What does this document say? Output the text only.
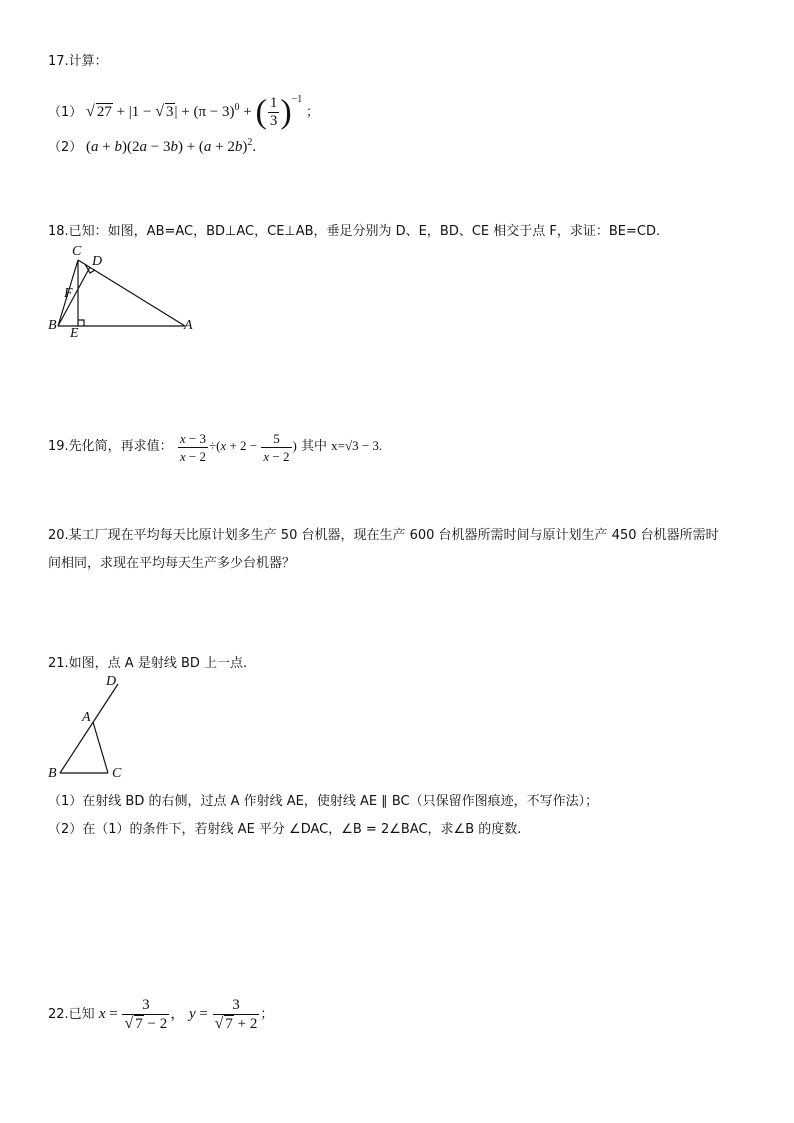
17.计算：
（1） √ 27 + |1 − √ $3| + (\pi - 3)^0$ + ( $\frac{1}{3} )^{-1}$ ；
（2） $(a + b)(2a - 3b) + (a + 2b)^2$.
18.已知：如图，AB=AC，BD⊥AC，CE⊥AB，垂足分别为 D、E，BD、CE 相交于点 F，求证：BE=CD.
C
D
F
B
E
A
19.先化简，再求值： $\frac{x - 3}{x - 2} \div(x + 2 - \frac{5}{x - 2}$ ) 其中 x=√3 − 3.
20.某工厂现在平均每天比原计划多生产 50 台机器，现在生产 600 台机器所需时间与原计划生产 450 台机器所需时
间相同，求现在平均每天生产多少台机器？
21.如图，点 A 是射线 BD 上一点.
D
A
B	C
（1）在射线 BD 的右侧，过点 A 作射线 AE，使射线 AE ∥ BC（只保留作图痕迹，不写作法）；
（2）在（1）的条件下，若射线 AE 平分 ∠DAC，∠B = 2∠BAC，求∠B 的度数.
22.已知 $x = \frac{3}{√ 7 - 2}$ ， $y = \frac{3}{√ 7 + 2}$ ；
